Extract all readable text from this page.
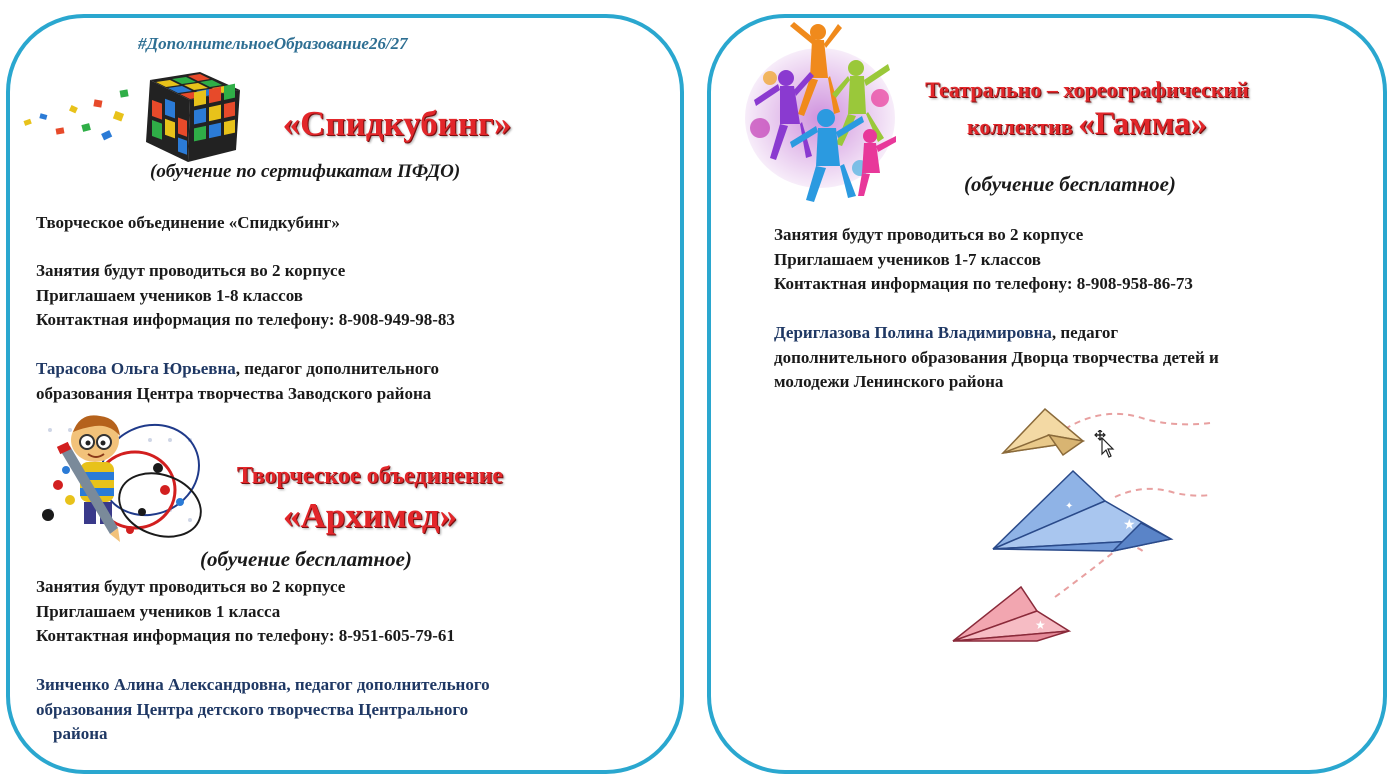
#ДополнительноеОбразование26/27
«Спидкубинг»
(обучение по сертификатам ПФДО)
Творческое объединение «Спидкубинг»
Занятия будут проводиться во 2 корпусе
Приглашаем учеников 1-8 классов
Контактная информация по телефону: 8-908-949-98-83
Тарасова Ольга Юрьевна, педагог дополнительного
образования Центра творчества Заводского района
Творческое объединение
«Архимед»
(обучение бесплатное)
Занятия будут проводиться во 2 корпусе
Приглашаем учеников 1 класса
Контактная информация по телефону: 8-951-605-79-61
Зинченко Алина Александровна, педагог дополнительного
образования Центра детского творчества Центрального
района
Театрально – хореографический
коллектив «Гамма»
(обучение бесплатное)
Занятия будут проводиться во 2 корпусе
Приглашаем учеников 1-7 классов
Контактная информация по телефону: 8-908-958-86-73
Дериглазова Полина Владимировна, педагог
дополнительного образования Дворца творчества детей и
молодежи Ленинского района
★
✦
★
